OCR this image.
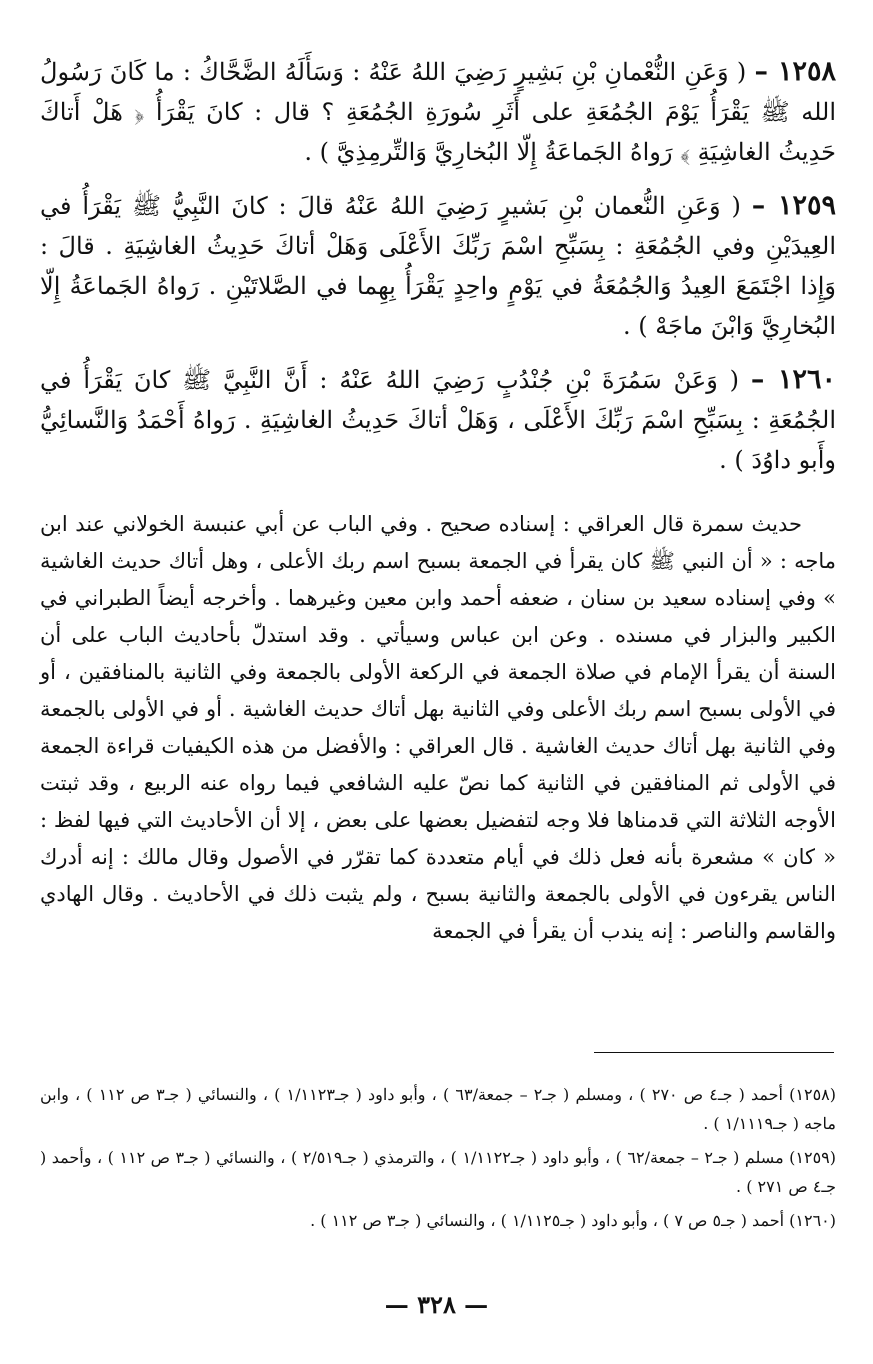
١٢٥٨ – ( وَعَنِ النُّعْمانِ بْنِ بَشِيرٍ رَضِيَ اللهُ عَنْهُ : وَسَأَلَهُ الضَّحَّاكُ : ما كَانَ رَسُولُ الله ﷺ يَقْرَأُ يَوْمَ الجُمُعَةِ على أَثَرِ سُورَةِ الجُمُعَةِ ؟ قال : كانَ يَقْرَأُ ﴿ هَلْ أَتاكَ حَدِيثُ الغاشِيَةِ ﴾ رَواهُ الجَماعَةُ إِلّا البُخارِيَّ وَالتِّرمِذِيَّ ) .

١٢٥٩ – ( وَعَنِ النُّعمان بْنِ بَشيرٍ رَضِيَ اللهُ عَنْهُ قالَ : كانَ النَّبِيُّ ﷺ يَقْرَأُ في العِيدَيْنِ وفي الجُمُعَةِ : بِسَبِّحِ اسْمَ رَبِّكَ الأَعْلَى وَهَلْ أتاكَ حَدِيثُ الغاشِيَةِ . قالَ : وَإِذا اجْتَمَعَ العِيدُ وَالجُمُعَةُ في يَوْمٍ واحِدٍ يَقْرَأُ بِهِما في الصَّلاتَيْنِ . رَواهُ الجَماعَةُ إِلّا البُخارِيَّ وَابْنَ ماجَهْ ) .

١٢٦٠ – ( وَعَنْ سَمُرَةَ بْنِ جُنْدُبٍ رَضِيَ اللهُ عَنْهُ : أَنَّ النَّبِيَّ ﷺ كانَ يَقْرَأُ في الجُمُعَةِ : بِسَبِّحِ اسْمَ رَبِّكَ الأَعْلَى ، وَهَلْ أتاكَ حَدِيثُ الغاشِيَةِ . رَواهُ أَحْمَدُ وَالنَّسائِيُّ وأَبو داوُدَ ) .

حديث سمرة قال العراقي : إسناده صحيح . وفي الباب عن أبي عنبسة الخولاني عند ابن ماجه : « أن النبي ﷺ كان يقرأ في الجمعة بسبح اسم ربك الأعلى ، وهل أتاك حديث الغاشية » وفي إسناده سعيد بن سنان ، ضعفه أحمد وابن معين وغيرهما . وأخرجه أيضاً الطبراني في الكبير والبزار في مسنده . وعن ابن عباس وسيأتي . وقد استدلّ بأحاديث الباب على أن السنة أن يقرأ الإمام في صلاة الجمعة في الركعة الأولى بالجمعة وفي الثانية بالمنافقين ، أو في الأولى بسبح اسم ربك الأعلى وفي الثانية بهل أتاك حديث الغاشية . أو في الأولى بالجمعة وفي الثانية بهل أتاك حديث الغاشية . قال العراقي : والأفضل من هذه الكيفيات قراءة الجمعة في الأولى ثم المنافقين في الثانية كما نصّ عليه الشافعي فيما رواه عنه الربيع ، وقد ثبتت الأوجه الثلاثة التي قدمناها فلا وجه لتفضيل بعضها على بعض ، إلا أن الأحاديث التي فيها لفظ : « كان » مشعرة بأنه فعل ذلك في أيام متعددة كما تقرّر في الأصول وقال مالك : إنه أدرك الناس يقرءون في الأولى بالجمعة والثانية بسبح ، ولم يثبت ذلك في الأحاديث . وقال الهادي والقاسم والناصر : إنه يندب أن يقرأ في الجمعة

(١٢٥٨) أحمد ( جـ٤ ص ٢٧٠ ) ، ومسلم ( جـ٢ – جمعة/٦٣ ) ، وأبو داود ( جـ١/١١٢٣ ) ، والنسائي ( جـ٣ ص ١١٢ ) ، وابن ماجه ( جـ١/١١١٩ ) .

(١٢٥٩) مسلم ( جـ٢ – جمعة/٦٢ ) ، وأبو داود ( جـ١/١١٢٢ ) ، والترمذي ( جـ٢/٥١٩ ) ، والنسائي ( جـ٣ ص ١١٢ ) ، وأحمد ( جـ٤ ص ٢٧١ ) .

(١٢٦٠) أحمد ( جـ٥ ص ٧ ) ، وأبو داود ( جـ١/١١٢٥ ) ، والنسائي ( جـ٣ ص ١١٢ ) .

— ٣٢٨ —
